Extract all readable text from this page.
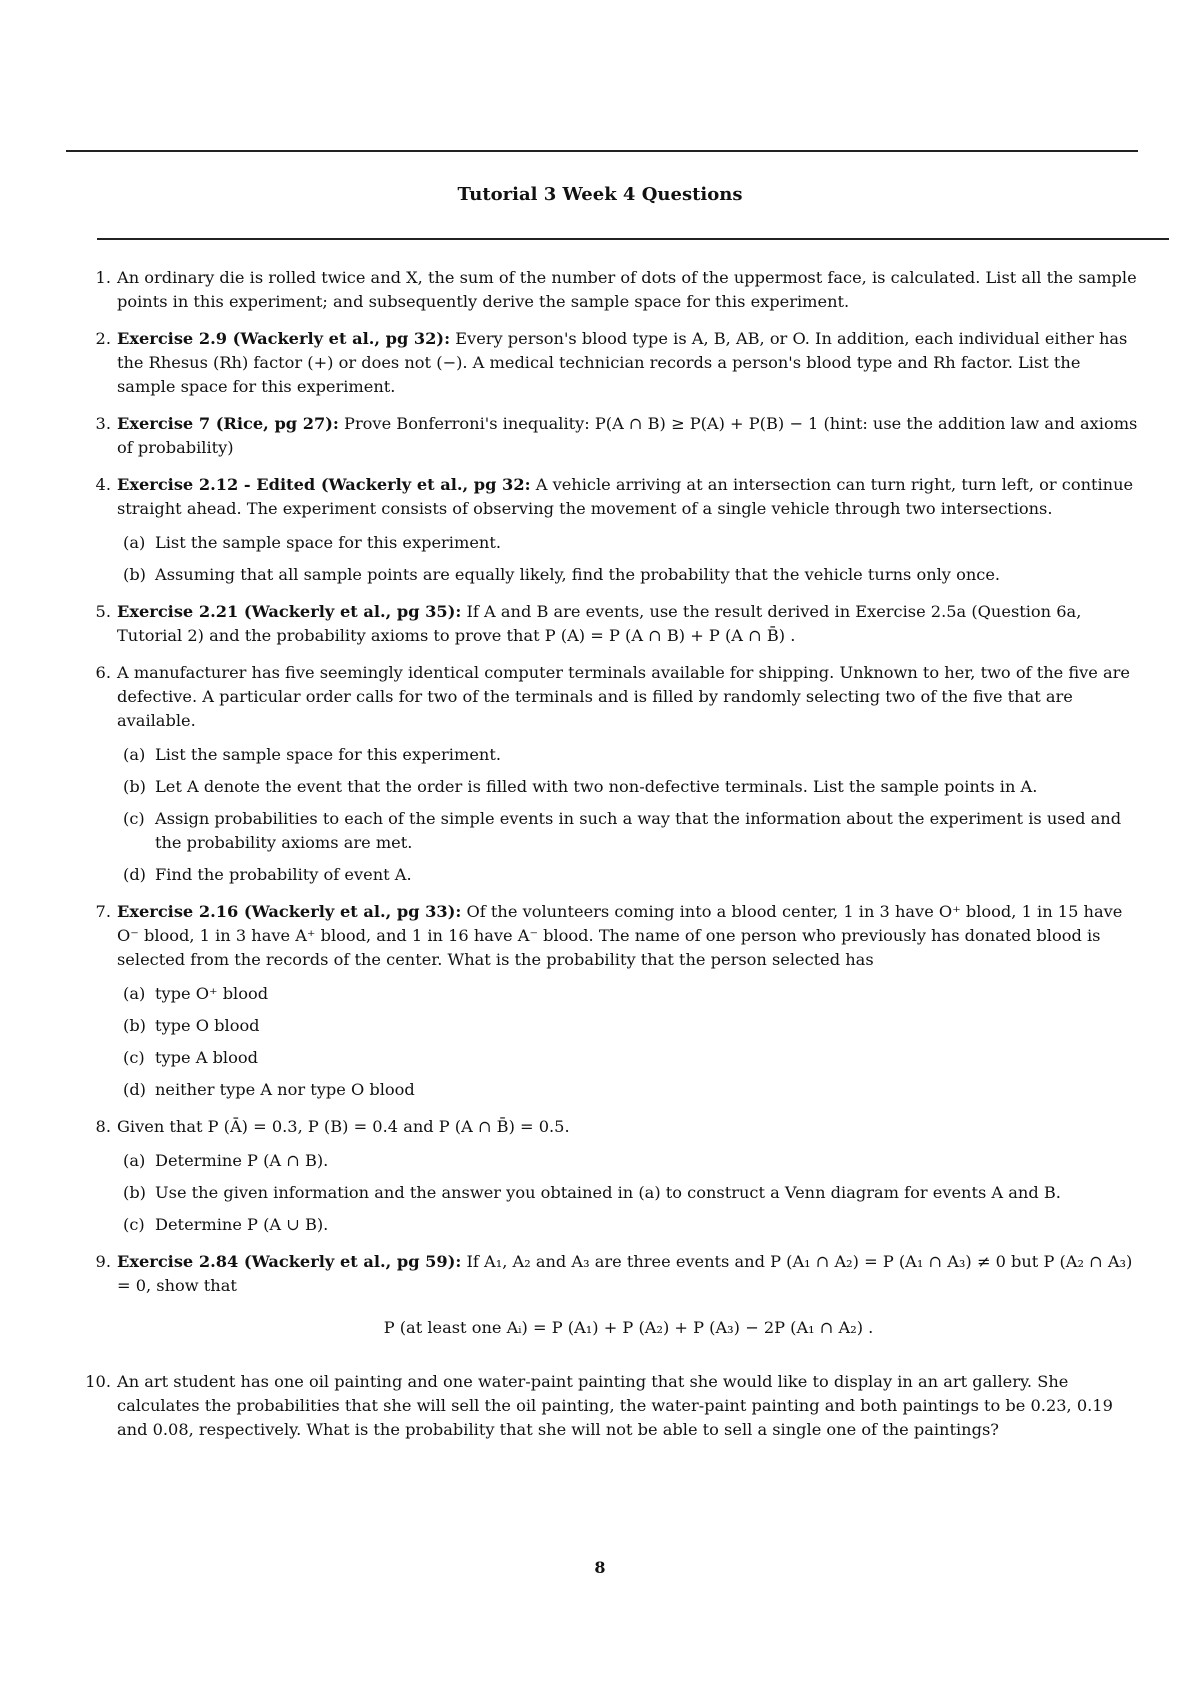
Tutorial 3 Week 4 Questions
1. An ordinary die is rolled twice and X, the sum of the number of dots of the uppermost face, is calculated. List all the sample points in this experiment; and subsequently derive the sample space for this experiment.
2. Exercise 2.9 (Wackerly et al., pg 32): Every person's blood type is A, B, AB, or O. In addition, each individual either has the Rhesus (Rh) factor (+) or does not (−). A medical technician records a person's blood type and Rh factor. List the sample space for this experiment.
3. Exercise 7 (Rice, pg 27): Prove Bonferroni's inequality: P(A ∩ B) ≥ P(A) + P(B) − 1 (hint: use the addition law and axioms of probability)
4. Exercise 2.12 - Edited (Wackerly et al., pg 32: A vehicle arriving at an intersection can turn right, turn left, or continue straight ahead. The experiment consists of observing the movement of a single vehicle through two intersections.
(a) List the sample space for this experiment.
(b) Assuming that all sample points are equally likely, find the probability that the vehicle turns only once.
5. Exercise 2.21 (Wackerly et al., pg 35): If A and B are events, use the result derived in Exercise 2.5a (Question 6a, Tutorial 2) and the probability axioms to prove that P (A) = P (A ∩ B) + P (A ∩ B̄) .
6. A manufacturer has five seemingly identical computer terminals available for shipping. Unknown to her, two of the five are defective. A particular order calls for two of the terminals and is filled by randomly selecting two of the five that are available.
(a) List the sample space for this experiment.
(b) Let A denote the event that the order is filled with two non-defective terminals. List the sample points in A.
(c) Assign probabilities to each of the simple events in such a way that the information about the experiment is used and the probability axioms are met.
(d) Find the probability of event A.
7. Exercise 2.16 (Wackerly et al., pg 33): Of the volunteers coming into a blood center, 1 in 3 have O⁺ blood, 1 in 15 have O⁻ blood, 1 in 3 have A⁺ blood, and 1 in 16 have A⁻ blood. The name of one person who previously has donated blood is selected from the records of the center. What is the probability that the person selected has
(a) type O⁺ blood
(b) type O blood
(c) type A blood
(d) neither type A nor type O blood
8. Given that P (Ā) = 0.3, P (B) = 0.4 and P (A ∩ B̄) = 0.5.
(a) Determine P (A ∩ B).
(b) Use the given information and the answer you obtained in (a) to construct a Venn diagram for events A and B.
(c) Determine P (A ∪ B).
9. Exercise 2.84 (Wackerly et al., pg 59): If A₁, A₂ and A₃ are three events and P (A₁ ∩ A₂) = P (A₁ ∩ A₃) ≠ 0 but P (A₂ ∩ A₃) = 0, show that
P (at least one Aᵢ) = P (A₁) + P (A₂) + P (A₃) − 2P (A₁ ∩ A₂) .
10. An art student has one oil painting and one water-paint painting that she would like to display in an art gallery. She calculates the probabilities that she will sell the oil painting, the water-paint painting and both paintings to be 0.23, 0.19 and 0.08, respectively. What is the probability that she will not be able to sell a single one of the paintings?
8
